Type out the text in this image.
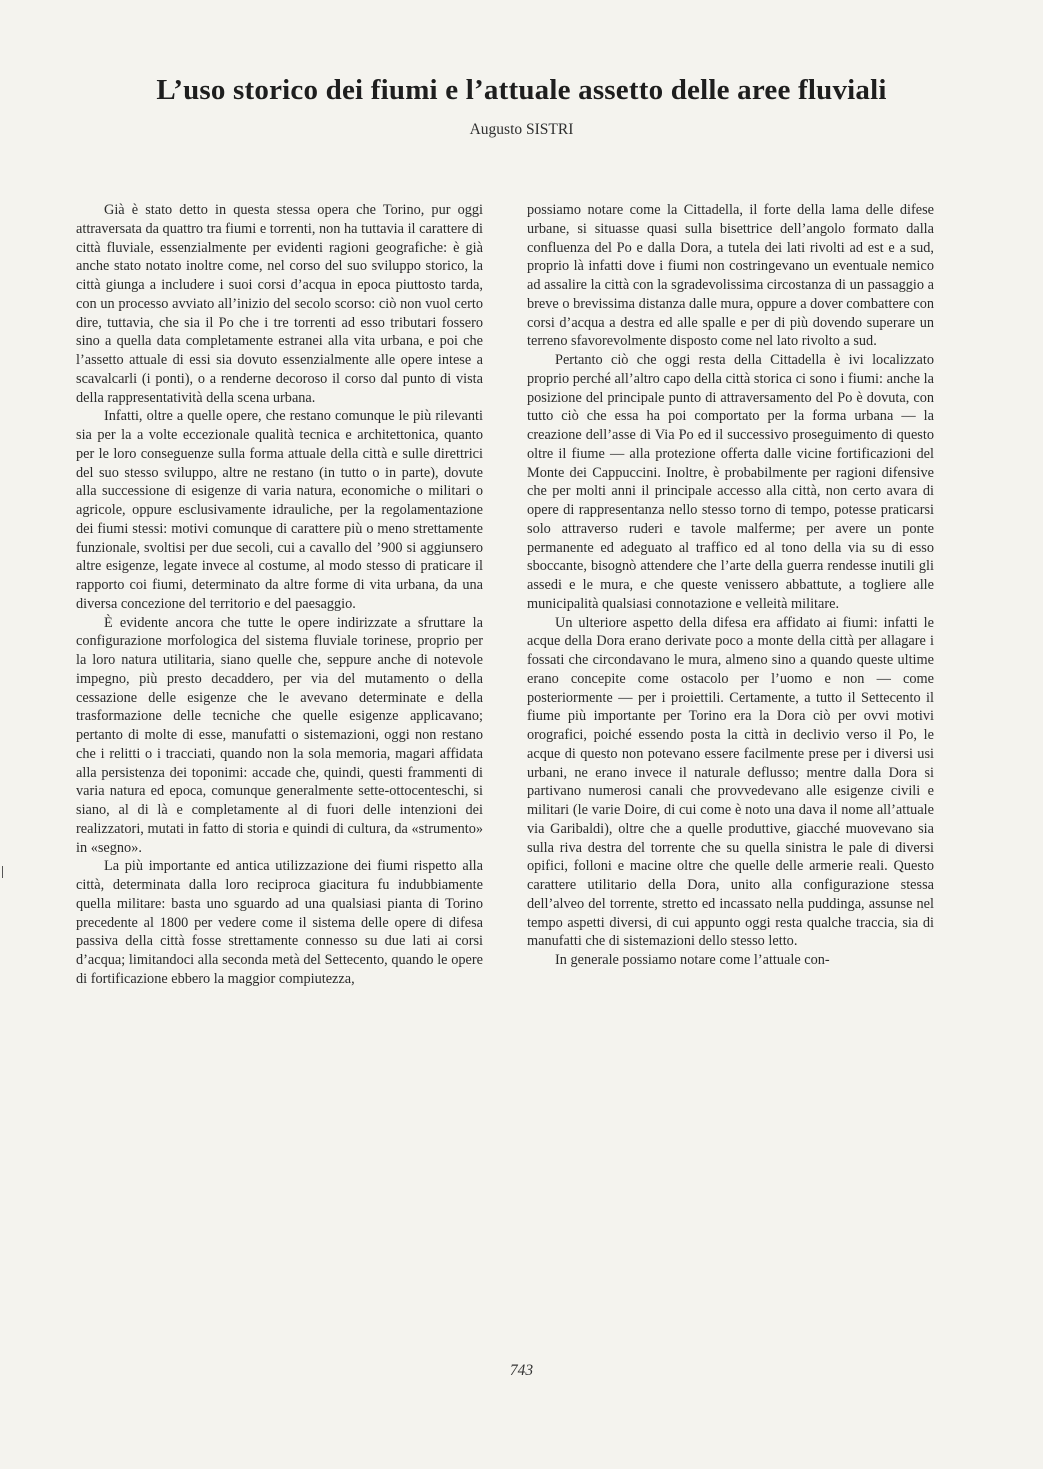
L’uso storico dei fiumi e l’attuale assetto delle aree fluviali
Augusto SISTRI

Già è stato detto in questa stessa opera che Torino, pur oggi attraversata da quattro tra fiumi e torrenti, non ha tuttavia il carattere di città fluviale, essenzialmente per evidenti ragioni geografiche: è già anche stato notato inoltre come, nel corso del suo sviluppo storico, la città giunga a includere i suoi corsi d’acqua in epoca piuttosto tarda, con un processo avviato all’inizio del secolo scorso: ciò non vuol certo dire, tuttavia, che sia il Po che i tre torrenti ad esso tributari fossero sino a quella data completamente estranei alla vita urbana, e poi che l’assetto attuale di essi sia dovuto essenzialmente alle opere intese a scavalcarli (i ponti), o a renderne decoroso il corso dal punto di vista della rappresentatività della scena urbana.

Infatti, oltre a quelle opere, che restano comunque le più rilevanti sia per la a volte eccezionale qualità tecnica e architettonica, quanto per le loro conseguenze sulla forma attuale della città e sulle direttrici del suo stesso sviluppo, altre ne restano (in tutto o in parte), dovute alla successione di esigenze di varia natura, economiche o militari o agricole, oppure esclusivamente idrauliche, per la regolamentazione dei fiumi stessi: motivi comunque di carattere più o meno strettamente funzionale, svoltisi per due secoli, cui a cavallo del ’900 si aggiunsero altre esigenze, legate invece al costume, al modo stesso di praticare il rapporto coi fiumi, determinato da altre forme di vita urbana, da una diversa concezione del territorio e del paesaggio.

È evidente ancora che tutte le opere indirizzate a sfruttare la configurazione morfologica del sistema fluviale torinese, proprio per la loro natura utilitaria, siano quelle che, seppure anche di notevole impegno, più presto decaddero, per via del mutamento o della cessazione delle esigenze che le avevano determinate e della trasformazione delle tecniche che quelle esigenze applicavano; pertanto di molte di esse, manufatti o sistemazioni, oggi non restano che i relitti o i tracciati, quando non la sola memoria, magari affidata alla persistenza dei toponimi: accade che, quindi, questi frammenti di varia natura ed epoca, comunque generalmente sette-ottocenteschi, si siano, al di là e completamente al di fuori delle intenzioni dei realizzatori, mutati in fatto di storia e quindi di cultura, da «strumento» in «segno».

La più importante ed antica utilizzazione dei fiumi rispetto alla città, determinata dalla loro reciproca giacitura fu indubbiamente quella militare: basta uno sguardo ad una qualsiasi pianta di Torino precedente al 1800 per vedere come il sistema delle opere di difesa passiva della città fosse strettamente connesso su due lati ai corsi d’acqua; limitandoci alla seconda metà del Settecento, quando le opere di fortificazione ebbero la maggior compiutezza,

possiamo notare come la Cittadella, il forte della lama delle difese urbane, si situasse quasi sulla bisettrice dell’angolo formato dalla confluenza del Po e dalla Dora, a tutela dei lati rivolti ad est e a sud, proprio là infatti dove i fiumi non costringevano un eventuale nemico ad assalire la città con la sgradevolissima circostanza di un passaggio a breve o brevissima distanza dalle mura, oppure a dover combattere con corsi d’acqua a destra ed alle spalle e per di più dovendo superare un terreno sfavorevolmente disposto come nel lato rivolto a sud.

Pertanto ciò che oggi resta della Cittadella è ivi localizzato proprio perché all’altro capo della città storica ci sono i fiumi: anche la posizione del principale punto di attraversamento del Po è dovuta, con tutto ciò che essa ha poi comportato per la forma urbana — la creazione dell’asse di Via Po ed il successivo proseguimento di questo oltre il fiume — alla protezione offerta dalle vicine fortificazioni del Monte dei Cappuccini. Inoltre, è probabilmente per ragioni difensive che per molti anni il principale accesso alla città, non certo avara di opere di rappresentanza nello stesso torno di tempo, potesse praticarsi solo attraverso ruderi e tavole malferme; per avere un ponte permanente ed adeguato al traffico ed al tono della via su di esso sboccante, bisognò attendere che l’arte della guerra rendesse inutili gli assedi e le mura, e che queste venissero abbattute, a togliere alle municipalità qualsiasi connotazione e velleità militare.

Un ulteriore aspetto della difesa era affidato ai fiumi: infatti le acque della Dora erano derivate poco a monte della città per allagare i fossati che circondavano le mura, almeno sino a quando queste ultime erano concepite come ostacolo per l’uomo e non — come posteriormente — per i proiettili. Certamente, a tutto il Settecento il fiume più importante per Torino era la Dora ciò per ovvi motivi orografici, poiché essendo posta la città in declivio verso il Po, le acque di questo non potevano essere facilmente prese per i diversi usi urbani, ne erano invece il naturale deflusso; mentre dalla Dora si partivano numerosi canali che provvedevano alle esigenze civili e militari (le varie Doire, di cui come è noto una dava il nome all’attuale via Garibaldi), oltre che a quelle produttive, giacché muovevano sia sulla riva destra del torrente che su quella sinistra le pale di diversi opifici, folloni e macine oltre che quelle delle armerie reali. Questo carattere utilitario della Dora, unito alla configurazione stessa dell’alveo del torrente, stretto ed incassato nella puddinga, assunse nel tempo aspetti diversi, di cui appunto oggi resta qualche traccia, sia di manufatti che di sistemazioni dello stesso letto.

In generale possiamo notare come l’attuale con-

743
